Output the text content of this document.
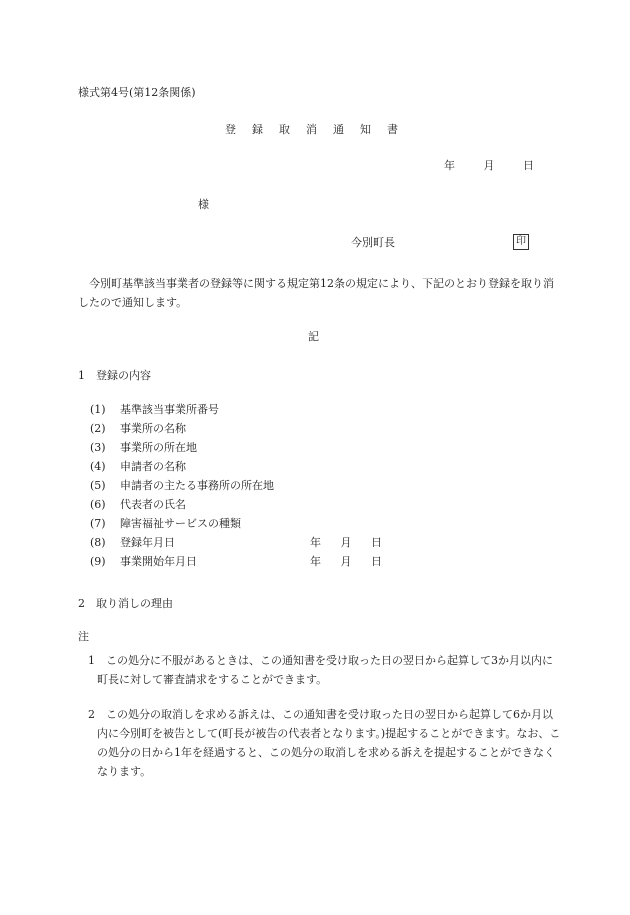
様式第4号(第12条関係)
登録取消通知書
年	月	日
様
今別町長	印
今別町基準該当事業者の登録等に関する規定第12条の規定により、下記のとおり登録を取り消したので通知します。
記
1　登録の内容
(1)	基準該当事業所番号
(2)	事業所の名称
(3)	事業所の所在地
(4)	申請者の名称
(5)	申請者の主たる事務所の所在地
(6)	代表者の氏名
(7)	障害福祉サービスの種類
(8)	登録年月日	年 月 日
(9)	事業開始年月日	年 月 日
2　取り消しの理由
注
1　この処分に不服があるときは、この通知書を受け取った日の翌日から起算して3か月以内に町長に対して審査請求をすることができます。
2　この処分の取消しを求める訴えは、この通知書を受け取った日の翌日から起算して6か月以内に今別町を被告として(町長が被告の代表者となります。)提起することができます。なお、この処分の日から1年を経過すると、この処分の取消しを求める訴えを提起することができなくなります。
